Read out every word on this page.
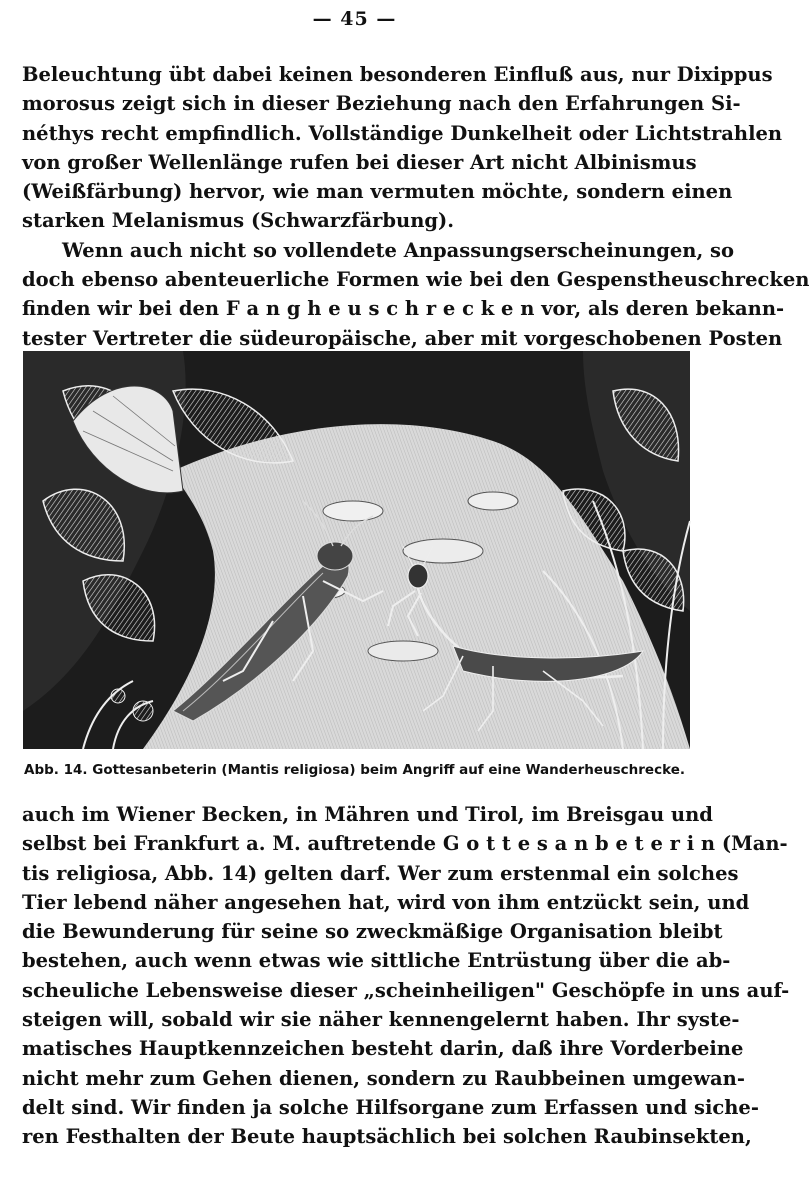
— 45 —
Beleuchtung übt dabei keinen besonderen Einfluß aus, nur Dixippus
morosus zeigt sich in dieser Beziehung nach den Erfahrungen Si-
néthys recht empfindlich. Vollständige Dunkelheit oder Lichtstrahlen
von großer Wellenlänge rufen bei dieser Art nicht Albinismus
(Weißfärbung) hervor, wie man vermuten möchte, sondern einen
starken Melanismus (Schwarzfärbung).
Wenn auch nicht so vollendete Anpassungserscheinungen, so
doch ebenso abenteuerliche Formen wie bei den Gespenstheuschrecken
finden wir bei den F a n g h e u s c h r e c k e n vor, als deren bekann-
tester Vertreter die südeuropäische, aber mit vorgeschobenen Posten
Abb. 14. Gottesanbeterin (Mantis religiosa) beim Angriff auf eine Wanderheuschrecke.
auch im Wiener Becken, in Mähren und Tirol, im Breisgau und
selbst bei Frankfurt a. M. auftretende G o t t e s a n b e t e r i n (Man-
tis religiosa, Abb. 14) gelten darf. Wer zum erstenmal ein solches
Tier lebend näher angesehen hat, wird von ihm entzückt sein, und
die Bewunderung für seine so zweckmäßige Organisation bleibt
bestehen, auch wenn etwas wie sittliche Entrüstung über die ab-
scheuliche Lebensweise dieser „scheinheiligen" Geschöpfe in uns auf-
steigen will, sobald wir sie näher kennengelernt haben. Ihr syste-
matisches Hauptkennzeichen besteht darin, daß ihre Vorderbeine
nicht mehr zum Gehen dienen, sondern zu Raubbeinen umgewan-
delt sind. Wir finden ja solche Hilfsorgane zum Erfassen und siche-
ren Festhalten der Beute hauptsächlich bei solchen Raubinsekten,
